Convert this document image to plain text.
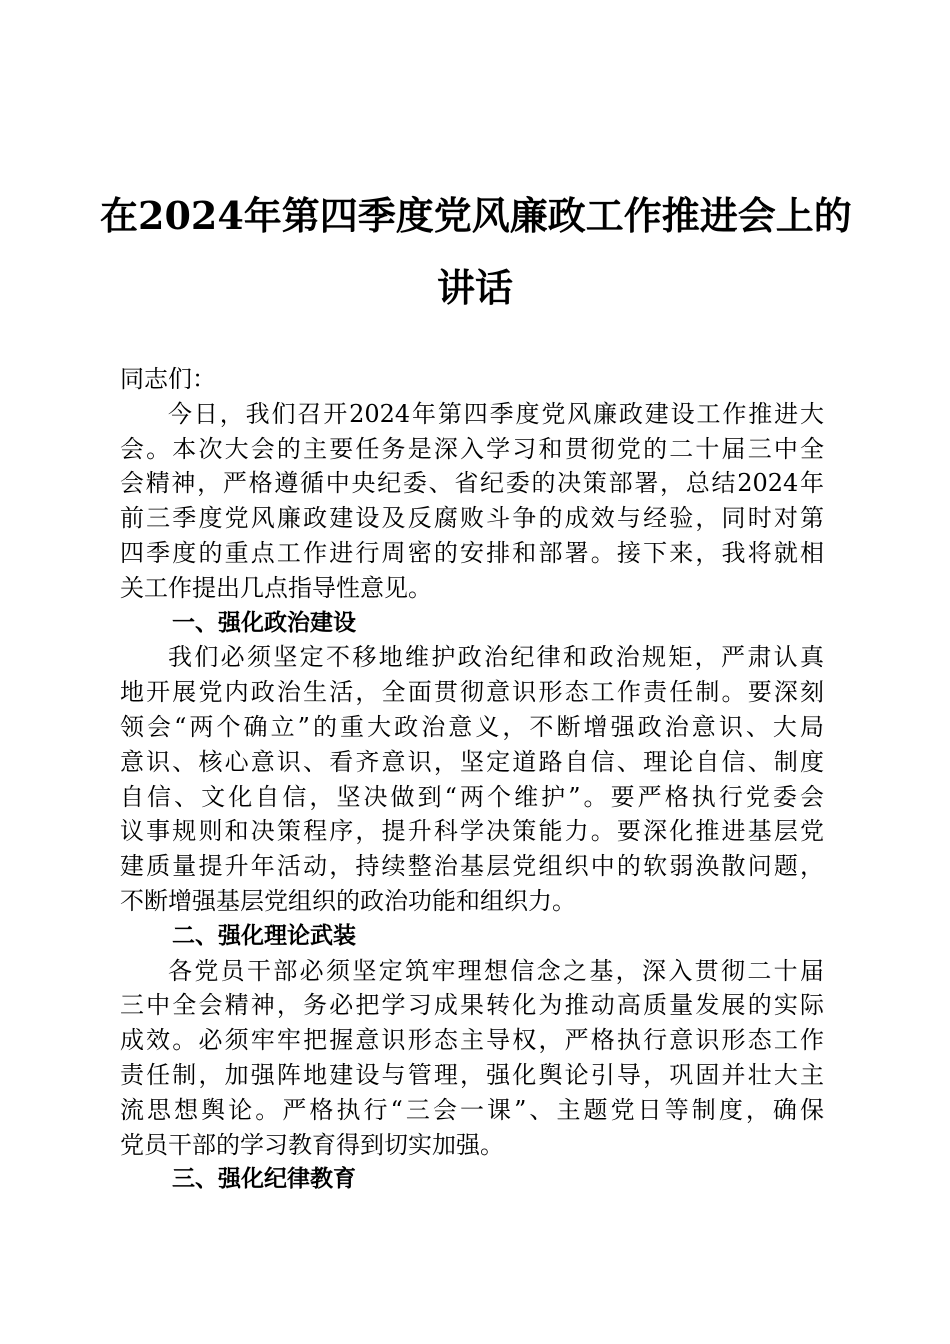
在2024年第四季度党风廉政工作推进会上的
讲话
同志们：
今日，我们召开2024年第四季度党风廉政建设工作推进大
会。本次大会的主要任务是深入学习和贯彻党的二十届三中全
会精神，严格遵循中央纪委、省纪委的决策部署，总结2024年
前三季度党风廉政建设及反腐败斗争的成效与经验，同时对第
四季度的重点工作进行周密的安排和部署。接下来，我将就相
关工作提出几点指导性意见。
一、强化政治建设
我们必须坚定不移地维护政治纪律和政治规矩，严肃认真
地开展党内政治生活，全面贯彻意识形态工作责任制。要深刻
领会“两个确立”的重大政治意义，不断增强政治意识、大局
意识、核心意识、看齐意识，坚定道路自信、理论自信、制度
自信、文化自信，坚决做到“两个维护”。要严格执行党委会
议事规则和决策程序，提升科学决策能力。要深化推进基层党
建质量提升年活动，持续整治基层党组织中的软弱涣散问题，
不断增强基层党组织的政治功能和组织力。
二、强化理论武装
各党员干部必须坚定筑牢理想信念之基，深入贯彻二十届
三中全会精神，务必把学习成果转化为推动高质量发展的实际
成效。必须牢牢把握意识形态主导权，严格执行意识形态工作
责任制，加强阵地建设与管理，强化舆论引导，巩固并壮大主
流思想舆论。严格执行“三会一课”、主题党日等制度，确保
党员干部的学习教育得到切实加强。
三、强化纪律教育
